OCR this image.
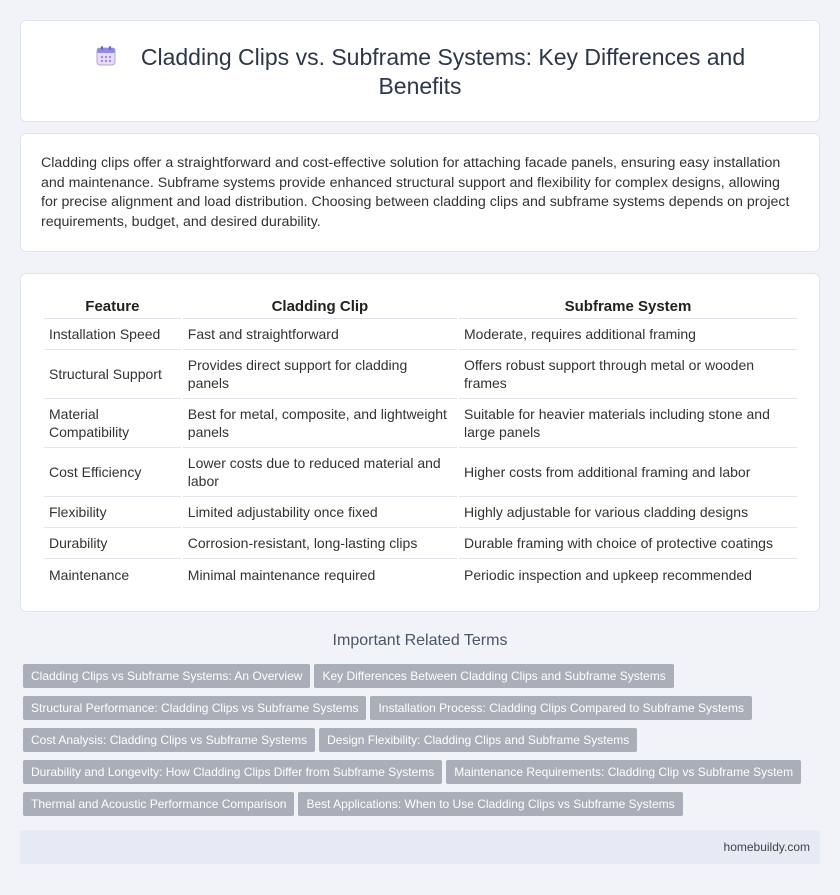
Cladding Clips vs. Subframe Systems: Key Differences and Benefits

Cladding clips offer a straightforward and cost-effective solution for attaching facade panels, ensuring easy installation and maintenance. Subframe systems provide enhanced structural support and flexibility for complex designs, allowing for precise alignment and load distribution. Choosing between cladding clips and subframe systems depends on project requirements, budget, and desired durability.

Feature	Cladding Clip	Subframe System
Installation Speed	Fast and straightforward	Moderate, requires additional framing
Structural Support	Provides direct support for cladding panels	Offers robust support through metal or wooden frames
Material Compatibility	Best for metal, composite, and lightweight panels	Suitable for heavier materials including stone and large panels
Cost Efficiency	Lower costs due to reduced material and labor	Higher costs from additional framing and labor
Flexibility	Limited adjustability once fixed	Highly adjustable for various cladding designs
Durability	Corrosion-resistant, long-lasting clips	Durable framing with choice of protective coatings
Maintenance	Minimal maintenance required	Periodic inspection and upkeep recommended
Important Related Terms
Cladding Clips vs Subframe Systems: An Overview Key Differences Between Cladding Clips and Subframe Systems
Structural Performance: Cladding Clips vs Subframe Systems Installation Process: Cladding Clips Compared to Subframe Systems
Cost Analysis: Cladding Clips vs Subframe Systems Design Flexibility: Cladding Clips and Subframe Systems
Durability and Longevity: How Cladding Clips Differ from Subframe Systems Maintenance Requirements: Cladding Clip vs Subframe System
Thermal and Acoustic Performance Comparison Best Applications: When to Use Cladding Clips vs Subframe Systems
homebuildy.com
